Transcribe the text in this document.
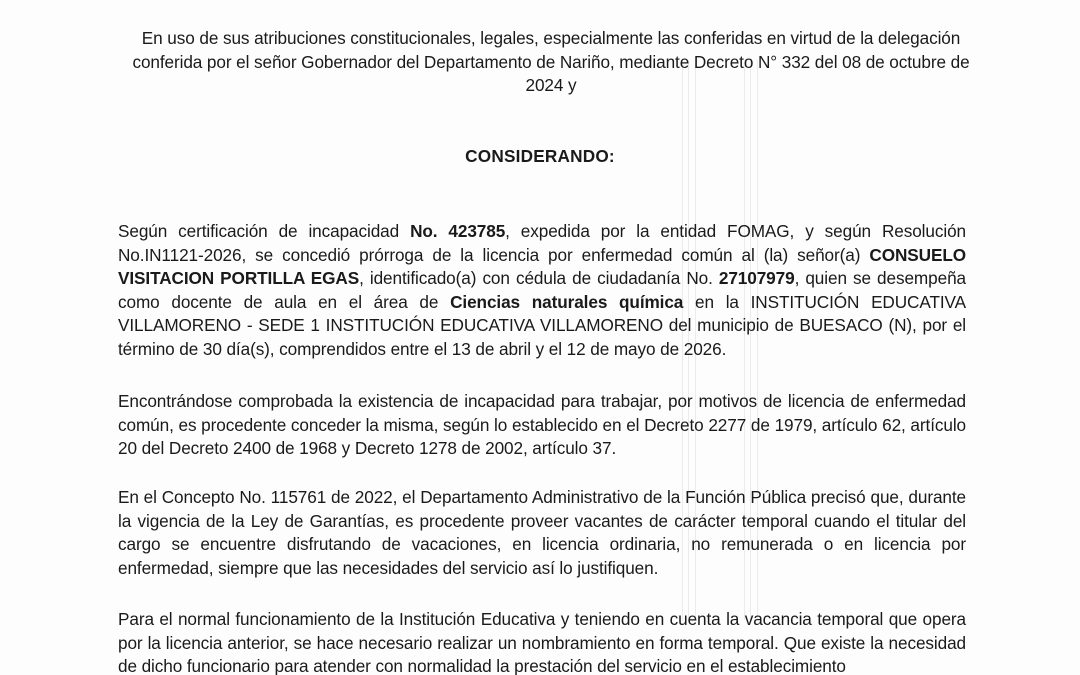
En uso de sus atribuciones constitucionales, legales, especialmente las conferidas en virtud de la delegación conferida por el señor Gobernador del Departamento de Nariño, mediante Decreto N° 332 del 08 de octubre de 2024 y
CONSIDERANDO:
Según certificación de incapacidad No. 423785, expedida por la entidad FOMAG, y según Resolución No.IN1121-2026, se concedió prórroga de la licencia por enfermedad común al (la) señor(a) CONSUELO VISITACION PORTILLA EGAS, identificado(a) con cédula de ciudadanía No. 27107979, quien se desempeña como docente de aula en el área de Ciencias naturales química en la INSTITUCIÓN EDUCATIVA VILLAMORENO - SEDE 1 INSTITUCIÓN EDUCATIVA VILLAMORENO del municipio de BUESACO (N), por el término de 30 día(s), comprendidos entre el 13 de abril y el 12 de mayo de 2026.
Encontrándose comprobada la existencia de incapacidad para trabajar, por motivos de licencia de enfermedad común, es procedente conceder la misma, según lo establecido en el Decreto 2277 de 1979, artículo 62, artículo 20 del Decreto 2400 de 1968 y Decreto 1278 de 2002, artículo 37.
En el Concepto No. 115761 de 2022, el Departamento Administrativo de la Función Pública precisó que, durante la vigencia de la Ley de Garantías, es procedente proveer vacantes de carácter temporal cuando el titular del cargo se encuentre disfrutando de vacaciones, en licencia ordinaria, no remunerada o en licencia por enfermedad, siempre que las necesidades del servicio así lo justifiquen.
Para el normal funcionamiento de la Institución Educativa y teniendo en cuenta la vacancia temporal que opera por la licencia anterior, se hace necesario realizar un nombramiento en forma temporal. Que existe la necesidad de dicho funcionario para atender con normalidad la prestación del servicio en el establecimiento
